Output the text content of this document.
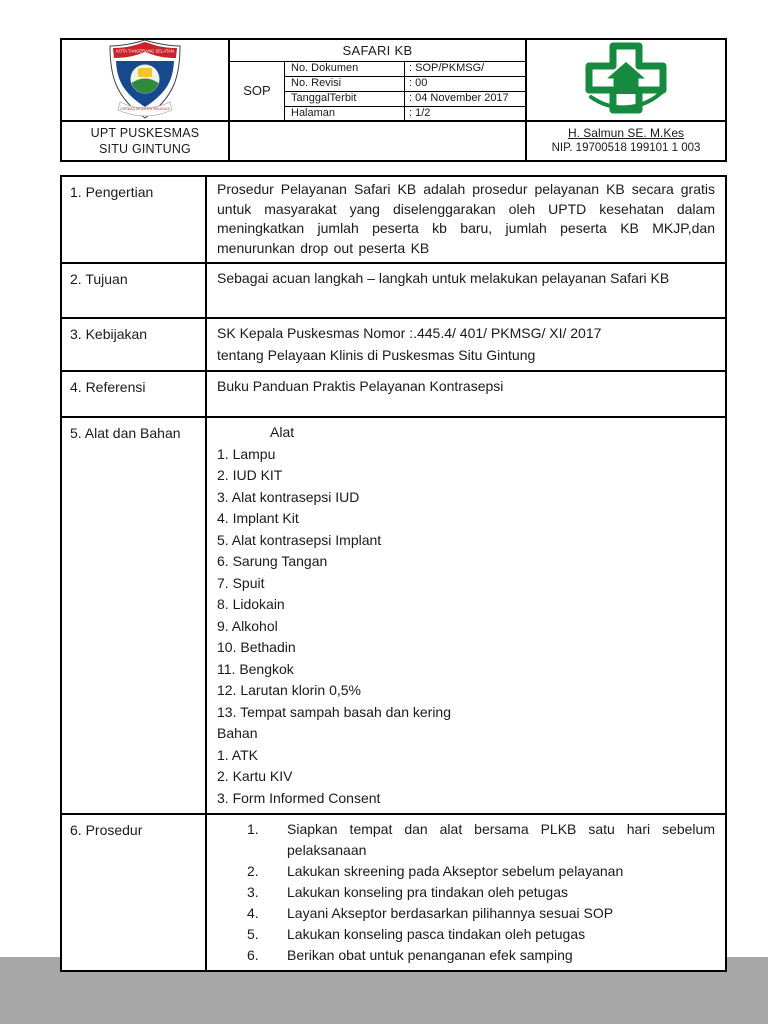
KOTA TANGERANG SELATAN
CERDAS MODERN RELIGIUS
SAFARI KB
SOP
No. Dokumen	: SOP/PKMSG/
No. Revisi	: 00
TanggalTerbit	: 04 November 2017
Halaman	: 1/2
UPT PUSKESMAS
SITU GINTUNG
H. Salmun SE. M.Kes
NIP. 19700518 199101 1 003
1. Pengertian	Prosedur Pelayanan Safari KB adalah prosedur pelayanan KB secara gratis untuk masyarakat yang diselenggarakan oleh UPTD kesehatan dalam meningkatkan jumlah peserta kb baru, jumlah peserta KB MKJP,dan menurunkan drop out peserta KB
2. Tujuan	Sebagai acuan langkah – langkah untuk melakukan pelayanan Safari KB
3. Kebijakan	SK Kepala Puskesmas Nomor :.445.4/ 401/ PKMSG/ XI/ 2017
tentang Pelayaan Klinis di Puskesmas Situ Gintung
4. Referensi	Buku Panduan Praktis Pelayanan Kontrasepsi
5. Alat dan Bahan	Alat
1. Lampu
2. IUD KIT
3. Alat kontrasepsi IUD
4. Implant Kit
5. Alat kontrasepsi Implant
6. Sarung Tangan
7. Spuit
8. Lidokain
9. Alkohol
10. Bethadin
11. Bengkok
12. Larutan klorin 0,5%
13. Tempat sampah basah dan kering
Bahan
1. ATK
2. Kartu KIV
3. Form Informed Consent
6. Prosedur	1.	Siapkan tempat dan alat bersama PLKB satu hari sebelum pelaksanaan
2.	Lakukan skreening pada Akseptor sebelum pelayanan
3.	Lakukan konseling pra tindakan oleh petugas
4.	Layani Akseptor berdasarkan pilihannya sesuai SOP
5.	Lakukan konseling pasca tindakan oleh petugas
6.	Berikan obat untuk penanganan efek samping
